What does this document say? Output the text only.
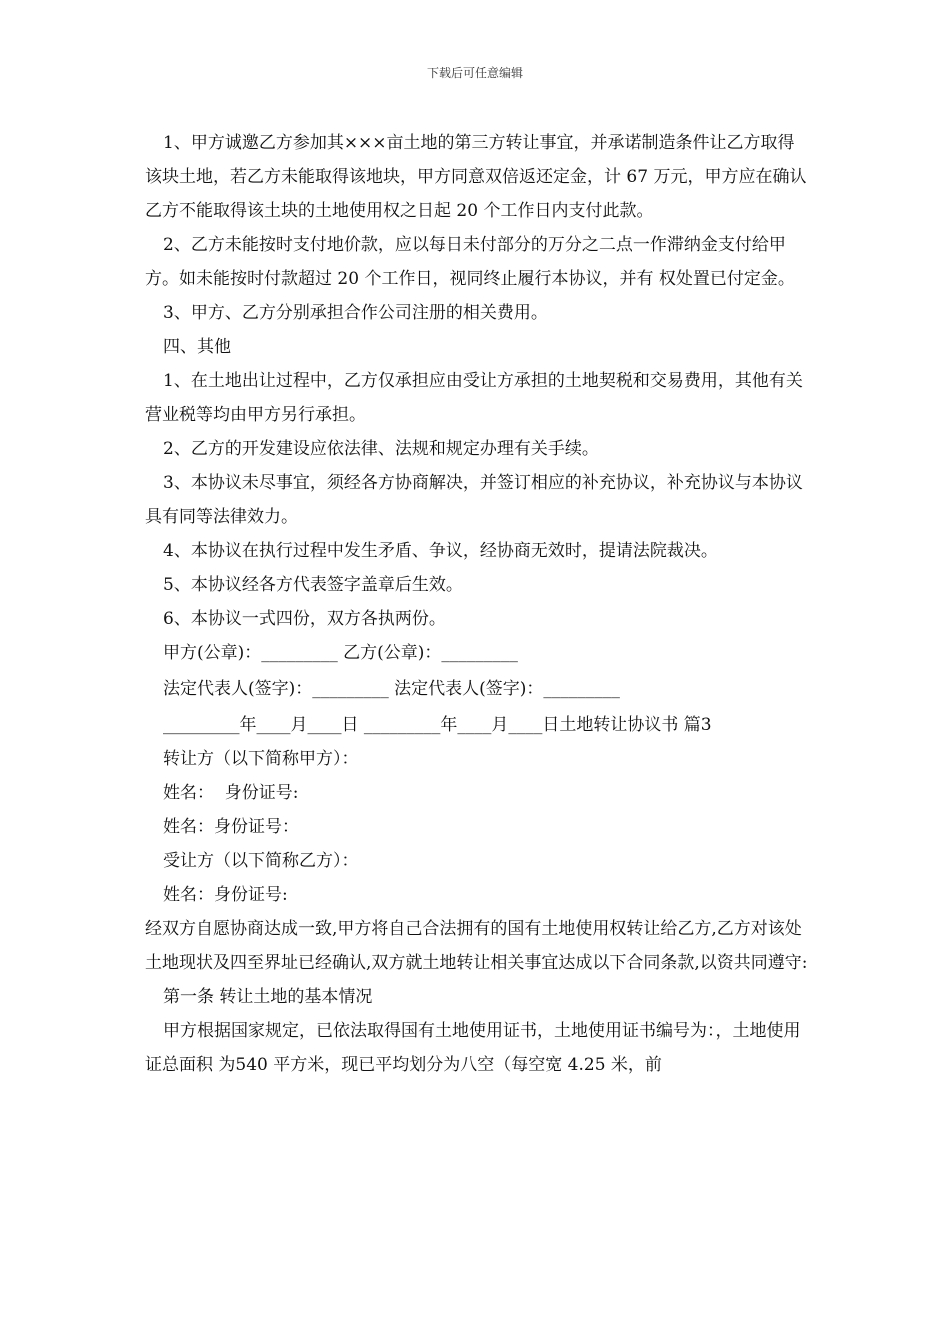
下载后可任意编辑

1、甲方诚邀乙方参加其×××亩土地的第三方转让事宜，并承诺制造条件让乙方取得该块土地，若乙方未能取得该地块，甲方同意双倍返还定金，计 67 万元，甲方应在确认乙方不能取得该土块的土地使用权之日起 20 个工作日内支付此款。

2、乙方未能按时支付地价款，应以每日未付部分的万分之二点一作滞纳金支付给甲方。如未能按时付款超过 20 个工作日，视同终止履行本协议，并有 权处置已付定金。

3、甲方、乙方分别承担合作公司注册的相关费用。

四、其他

1、在土地出让过程中，乙方仅承担应由受让方承担的土地契税和交易费用，其他有关营业税等均由甲方另行承担。

2、乙方的开发建设应依法律、法规和规定办理有关手续。

3、本协议未尽事宜，须经各方协商解决，并签订相应的补充协议，补充协议与本协议具有同等法律效力。

4、本协议在执行过程中发生矛盾、争议，经协商无效时，提请法院裁决。

5、本协议经各方代表签字盖章后生效。

6、本协议一式四份，双方各执两份。

甲方(公章)：_________ 乙方(公章)：_________

法定代表人(签字)：_________ 法定代表人(签字)：_________

_________年____月____日 _________年____月____日土地转让协议书 篇3

转让方（以下简称甲方）：

姓名：  身份证号:

姓名：身份证号：

受让方（以下简称乙方）：

姓名：身份证号:

经双方自愿协商达成一致,甲方将自己合法拥有的国有土地使用权转让给乙方,乙方对该处土地现状及四至界址已经确认,双方就土地转让相关事宜达成以下合同条款,以资共同遵守:

第一条 转让土地的基本情况

甲方根据国家规定，已依法取得国有土地使用证书，土地使用证书编号为：，土地使用证总面积 为540 平方米，现已平均划分为八空（每空宽 4.25 米，前
